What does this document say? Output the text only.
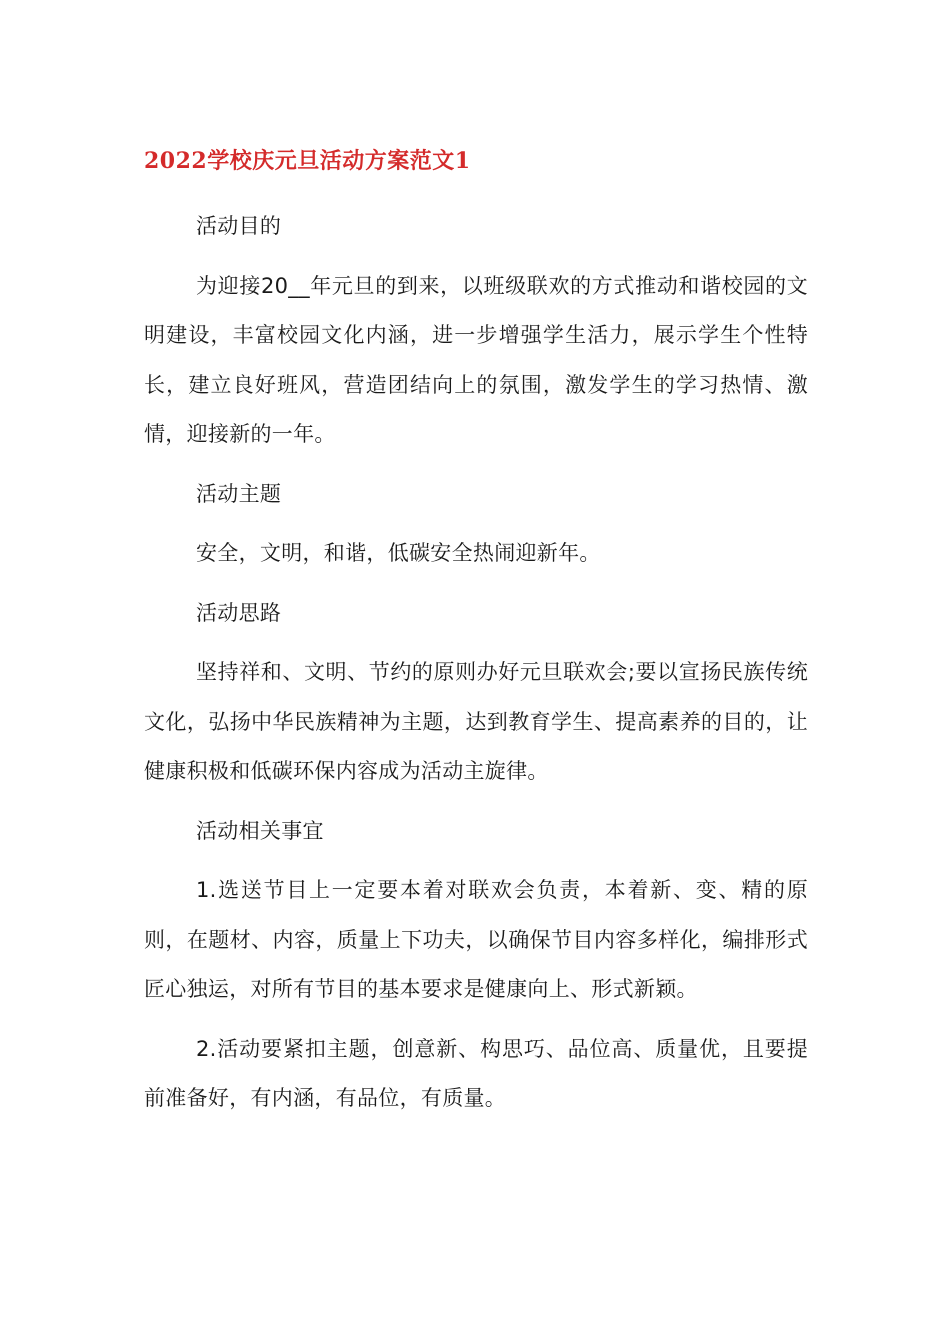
2022学校庆元旦活动方案范文1

活动目的

为迎接20__年元旦的到来，以班级联欢的方式推动和谐校园的文明建设，丰富校园文化内涵，进一步增强学生活力，展示学生个性特长，建立良好班风，营造团结向上的氛围，激发学生的学习热情、激情，迎接新的一年。

活动主题

安全，文明，和谐，低碳安全热闹迎新年。

活动思路

坚持祥和、文明、节约的原则办好元旦联欢会;要以宣扬民族传统文化，弘扬中华民族精神为主题，达到教育学生、提高素养的目的，让健康积极和低碳环保内容成为活动主旋律。

活动相关事宜

1.选送节目上一定要本着对联欢会负责，本着新、变、精的原则，在题材、内容，质量上下功夫，以确保节目内容多样化，编排形式匠心独运，对所有节目的基本要求是健康向上、形式新颖。

2.活动要紧扣主题，创意新、构思巧、品位高、质量优，且要提前准备好，有内涵，有品位，有质量。
